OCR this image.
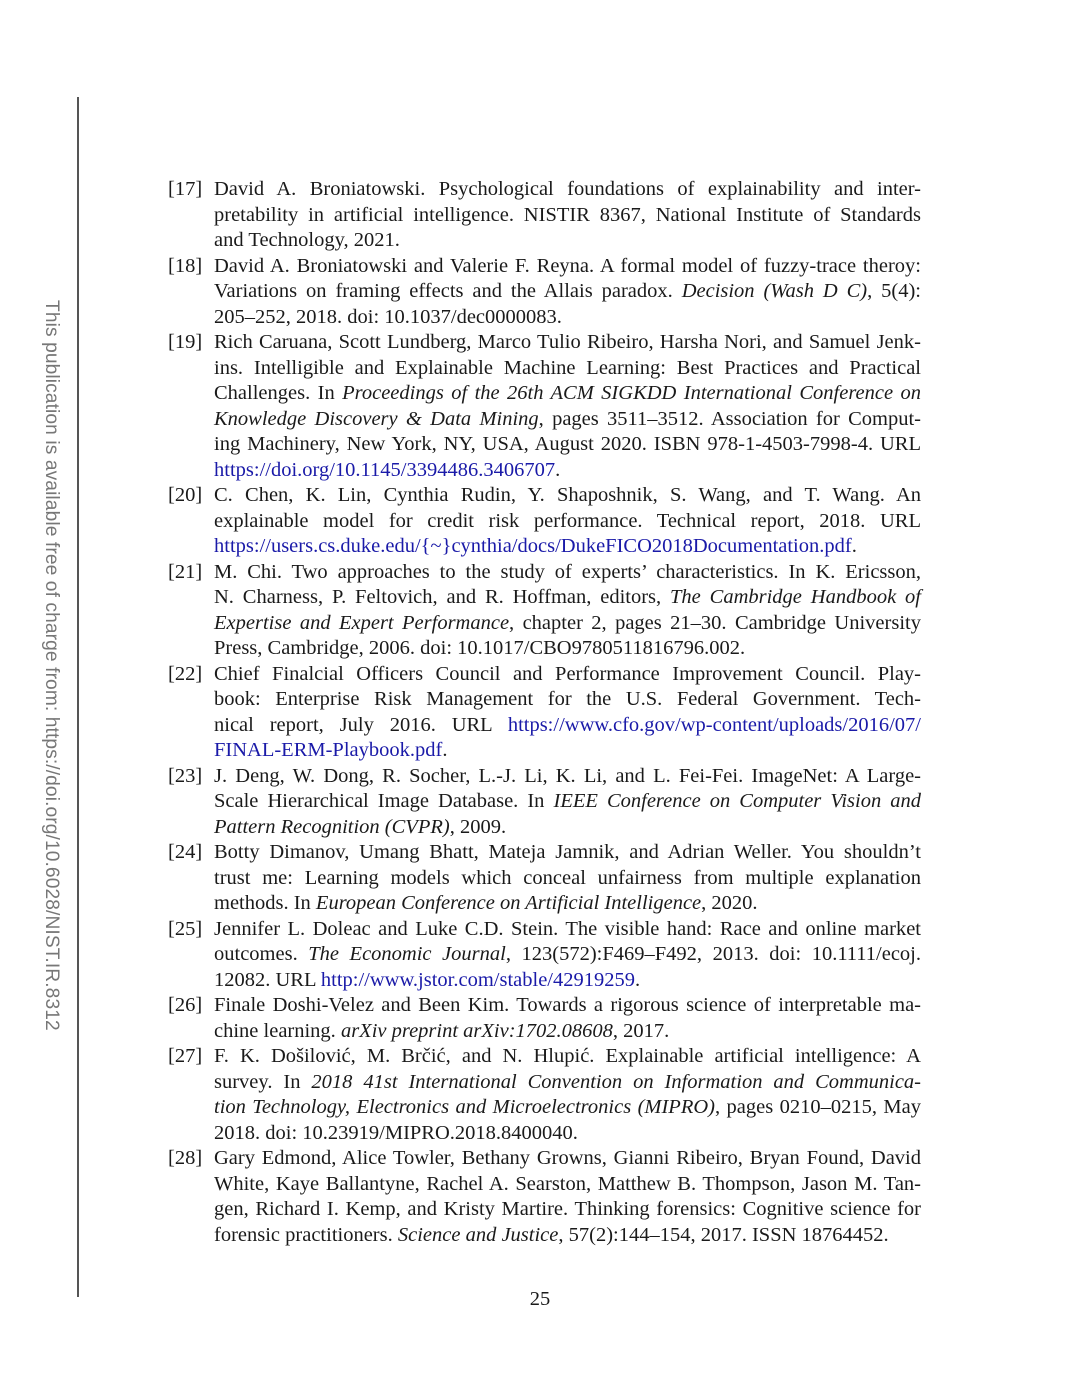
This publication is available free of charge from: https://doi.org/10.6028/NIST.IR.8312
[17] David A. Broniatowski. Psychological foundations of explainability and inter-
pretability in artificial intelligence. NISTIR 8367, National Institute of Standards
and Technology, 2021.
[18] David A. Broniatowski and Valerie F. Reyna. A formal model of fuzzy-trace theroy:
Variations on framing effects and the Allais paradox. Decision (Wash D C), 5(4):
205–252, 2018. doi: 10.1037/dec0000083.
[19] Rich Caruana, Scott Lundberg, Marco Tulio Ribeiro, Harsha Nori, and Samuel Jenk-
ins. Intelligible and Explainable Machine Learning: Best Practices and Practical
Challenges. In Proceedings of the 26th ACM SIGKDD International Conference on
Knowledge Discovery & Data Mining, pages 3511–3512. Association for Comput-
ing Machinery, New York, NY, USA, August 2020. ISBN 978-1-4503-7998-4. URL
https://doi.org/10.1145/3394486.3406707.
[20] C. Chen, K. Lin, Cynthia Rudin, Y. Shaposhnik, S. Wang, and T. Wang. An
explainable model for credit risk performance. Technical report, 2018. URL
https://users.cs.duke.edu/{~}cynthia/docs/DukeFICO2018Documentation.pdf.
[21] M. Chi. Two approaches to the study of experts’ characteristics. In K. Ericsson,
N. Charness, P. Feltovich, and R. Hoffman, editors, The Cambridge Handbook of
Expertise and Expert Performance, chapter 2, pages 21–30. Cambridge University
Press, Cambridge, 2006. doi: 10.1017/CBO9780511816796.002.
[22] Chief Finalcial Officers Council and Performance Improvement Council. Play-
book: Enterprise Risk Management for the U.S. Federal Government. Tech-
nical report, July 2016. URL https://www.cfo.gov/wp-content/uploads/2016/07/
FINAL-ERM-Playbook.pdf.
[23] J. Deng, W. Dong, R. Socher, L.-J. Li, K. Li, and L. Fei-Fei. ImageNet: A Large-
Scale Hierarchical Image Database. In IEEE Conference on Computer Vision and
Pattern Recognition (CVPR), 2009.
[24] Botty Dimanov, Umang Bhatt, Mateja Jamnik, and Adrian Weller. You shouldn’t
trust me: Learning models which conceal unfairness from multiple explanation
methods. In European Conference on Artificial Intelligence, 2020.
[25] Jennifer L. Doleac and Luke C.D. Stein. The visible hand: Race and online market
outcomes. The Economic Journal, 123(572):F469–F492, 2013. doi: 10.1111/ecoj.
12082. URL http://www.jstor.com/stable/42919259.
[26] Finale Doshi-Velez and Been Kim. Towards a rigorous science of interpretable ma-
chine learning. arXiv preprint arXiv:1702.08608, 2017.
[27] F. K. Došilović, M. Brčić, and N. Hlupić. Explainable artificial intelligence: A
survey. In 2018 41st International Convention on Information and Communica-
tion Technology, Electronics and Microelectronics (MIPRO), pages 0210–0215, May
2018. doi: 10.23919/MIPRO.2018.8400040.
[28] Gary Edmond, Alice Towler, Bethany Growns, Gianni Ribeiro, Bryan Found, David
White, Kaye Ballantyne, Rachel A. Searston, Matthew B. Thompson, Jason M. Tan-
gen, Richard I. Kemp, and Kristy Martire. Thinking forensics: Cognitive science for
forensic practitioners. Science and Justice, 57(2):144–154, 2017. ISSN 18764452.
25
